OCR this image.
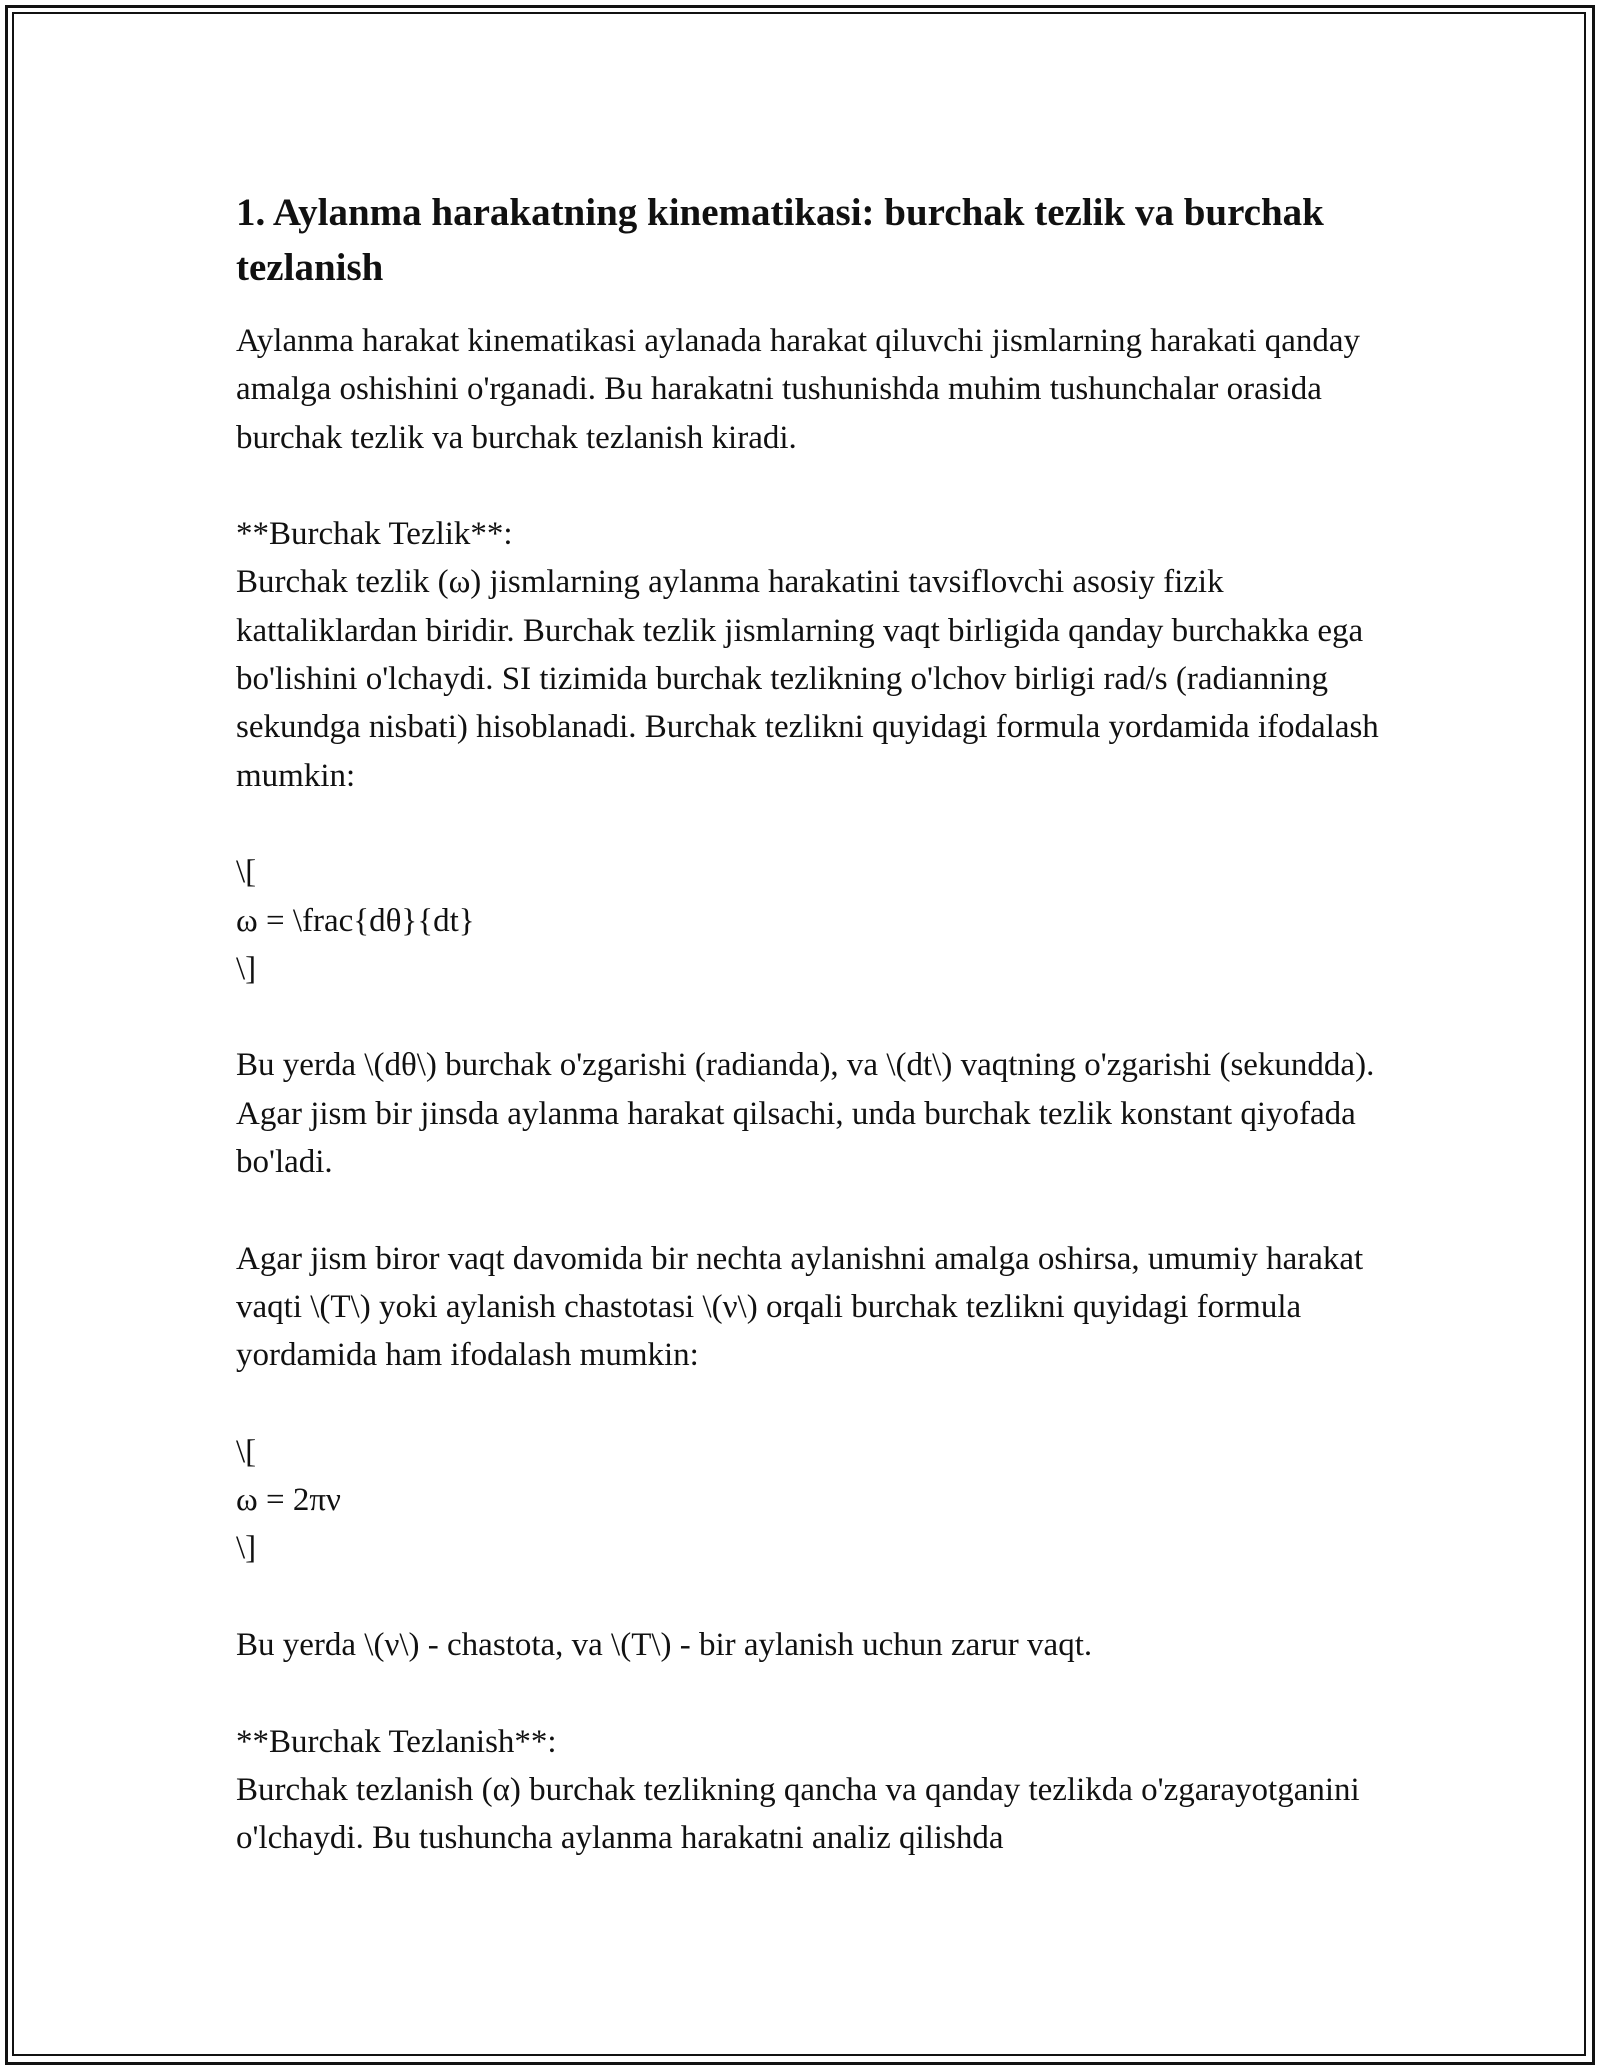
1. Aylanma harakatning kinematikasi: burchak tezlik va burchak tezlanish

Aylanma harakat kinematikasi aylanada harakat qiluvchi jismlarning harakati qanday amalga oshishini o'rganadi. Bu harakatni tushunishda muhim tushunchalar orasida burchak tezlik va burchak tezlanish kiradi.

**Burchak Tezlik**:

Burchak tezlik (ω) jismlarning aylanma harakatini tavsiflovchi asosiy fizik kattaliklardan biridir. Burchak tezlik jismlarning vaqt birligida qanday burchakka ega bo'lishini o'lchaydi. SI tizimida burchak tezlikning o'lchov birligi rad/s (radianning sekundga nisbati) hisoblanadi. Burchak tezlikni quyidagi formula yordamida ifodalash mumkin:

\[

ω = \frac{dθ}{dt}

\]

Bu yerda \(dθ\) burchak o'zgarishi (radianda), va \(dt\) vaqtning o'zgarishi (sekundda). Agar jism bir jinsda aylanma harakat qilsachi, unda burchak tezlik konstant qiyofada bo'ladi.

Agar jism biror vaqt davomida bir nechta aylanishni amalga oshirsa, umumiy harakat vaqti \(T\) yoki aylanish chastotasi \(ν\) orqali burchak tezlikni quyidagi formula yordamida ham ifodalash mumkin:

\[

ω = 2πν

\]

Bu yerda \(ν\) - chastota, va \(T\) - bir aylanish uchun zarur vaqt.

**Burchak Tezlanish**:

Burchak tezlanish (α) burchak tezlikning qancha va qanday tezlikda o'zgarayotganini o'lchaydi. Bu tushuncha aylanma harakatni analiz qilishda
